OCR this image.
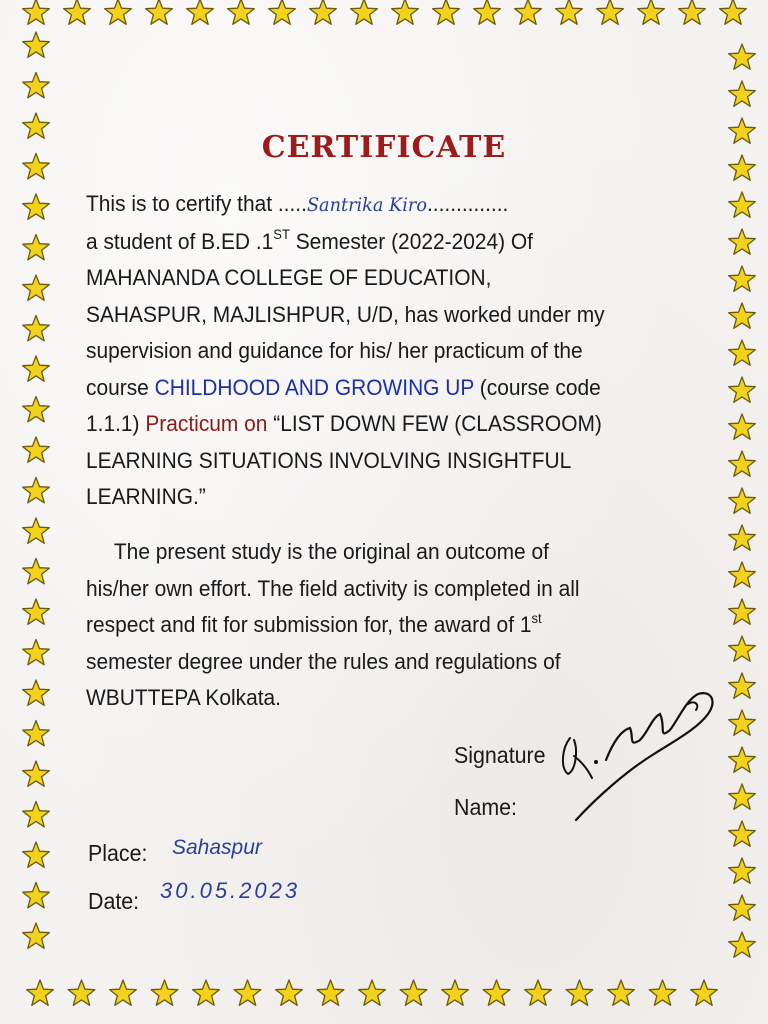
CERTIFICATE
This is to certify that .....Santrika Kiro..............
a student of B.ED .1ST Semester (2022-2024) Of
MAHANANDA COLLEGE OF EDUCATION,
SAHASPUR, MAJLISHPUR, U/D, has worked under my
supervision and guidance for his/ her practicum of the
course CHILDHOOD AND GROWING UP (course code
1.1.1) Practicum on “LIST DOWN FEW (CLASSROOM)
LEARNING SITUATIONS INVOLVING INSIGHTFUL
LEARNING.”
The present study is the original an outcome of
his/her own effort. The field activity is completed in all
respect and fit for submission for, the award of 1st
semester degree under the rules and regulations of
WBUTTEPA Kolkata.
Signature
Name:
Place: Sahaspur
Date: 30.05.2023
